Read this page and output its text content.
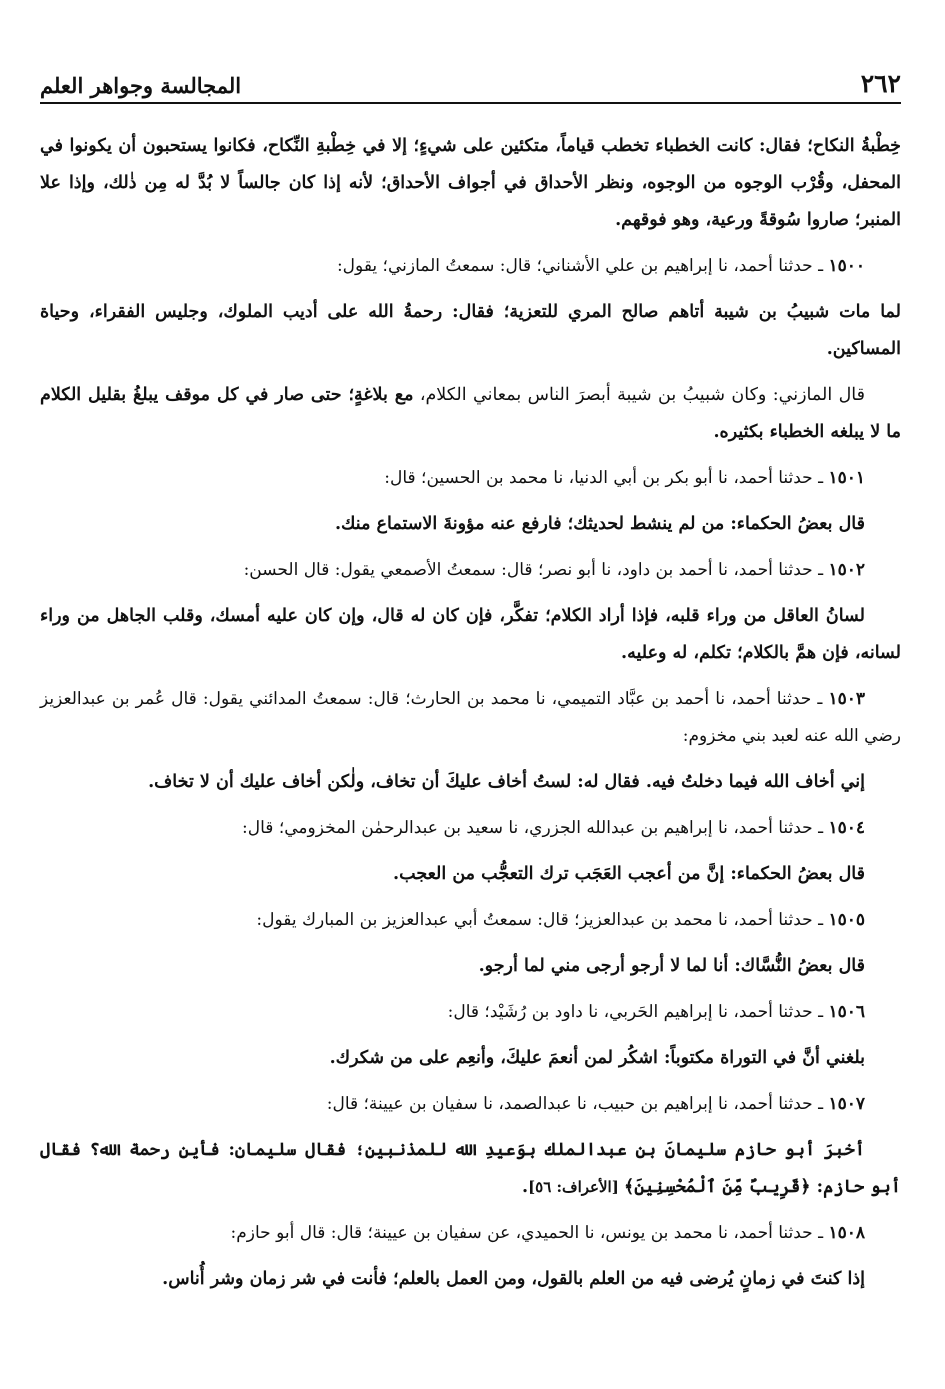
٢٦٢
المجالسة وجواهر العلم

خِطْبةُ النكاح؛ فقال: كانت الخطباء تخطب قياماً، متكئين على شيءٍ؛ إلا في خِطْبةِ النِّكاح، فكانوا يستحبون أن يكونوا في المحفل، وقُرْب الوجوه من الوجوه، ونظر الأحداق في أجواف الأحداق؛ لأنه إذا كان جالساً لا بُدَّ له مِن ذٰلك، وإذا علا المنبر؛ صاروا سُوقةً ورعية، وهو فوقهم.

١٥٠٠ ـ حدثنا أحمد، نا إبراهيم بن علي الأشناني؛ قال: سمعتُ المازني؛ يقول:

لما مات شبيبُ بن شيبة أتاهم صالح المري للتعزية؛ فقال: رحمةُ الله على أديب الملوك، وجليس الفقراء، وحياة المساكين.

قال المازني: وكان شبيبُ بن شيبة أبصرَ الناس بمعاني الكلام، مع بلاغةٍ؛ حتى صار في كل موقف يبلغُ بقليل الكلام ما لا يبلغه الخطباء بكثيره.

١٥٠١ ـ حدثنا أحمد، نا أبو بكر بن أبي الدنيا، نا محمد بن الحسين؛ قال:

قال بعضُ الحكماء: من لم ينشط لحديثك؛ فارفع عنه مؤونةَ الاستماع منك.

١٥٠٢ ـ حدثنا أحمد، نا أحمد بن داود، نا أبو نصر؛ قال: سمعتُ الأصمعي يقول: قال الحسن:

لسانُ العاقل من وراء قلبه، فإذا أراد الكلام؛ تفكَّر، فإن كان له قال، وإن كان عليه أمسك، وقلب الجاهل من وراء لسانه، فإن همَّ بالكلام؛ تكلم، له وعليه.

١٥٠٣ ـ حدثنا أحمد، نا أحمد بن عبَّاد التميمي، نا محمد بن الحارث؛ قال: سمعتُ المدائني يقول: قال عُمر بن عبدالعزيز رضي الله عنه لعبد بني مخزوم:

إني أخاف الله فيما دخلتُ فيه. فقال له: لستُ أخاف عليكَ أن تخاف، ولٰكن أخاف عليك أن لا تخاف.

١٥٠٤ ـ حدثنا أحمد، نا إبراهيم بن عبدالله الجزري، نا سعيد بن عبدالرحمٰن المخزومي؛ قال:

قال بعضُ الحكماء: إنَّ من أعجب العَجَب ترك التعجُّب من العجب.

١٥٠٥ ـ حدثنا أحمد، نا محمد بن عبدالعزيز؛ قال: سمعتُ أبي عبدالعزيز بن المبارك يقول:

قال بعضُ النُّسَّاك: أنا لما لا أرجو أرجى مني لما أرجو.

١٥٠٦ ـ حدثنا أحمد، نا إبراهيم الحَربي، نا داود بن رُشَيْد؛ قال:

بلغني أنَّ في التوراة مكتوباً: اشكُر لمن أنعمَ عليكَ، وأنعِم على من شكرك.

١٥٠٧ ـ حدثنا أحمد، نا إبراهيم بن حبيب، نا عبدالصمد، نا سفيان بن عيينة؛ قال:

أخبرَ أبو حازم سليمانَ بن عبدالملك بوَعيدِ الله للمذنبين؛ فقال سليمان: فأين رحمة الله؟ فقال أبو حازم: ﴿قَرِيبٌ مِّنَ ٱلْمُحْسِنِينَ﴾ [الأعراف: ٥٦].

١٥٠٨ ـ حدثنا أحمد، نا محمد بن يونس، نا الحميدي، عن سفيان بن عيينة؛ قال: قال أبو حازم:

إذا كنتَ في زمانٍ يُرضى فيه من العلم بالقول، ومن العمل بالعلم؛ فأنت في شر زمان وشر أُناس.
